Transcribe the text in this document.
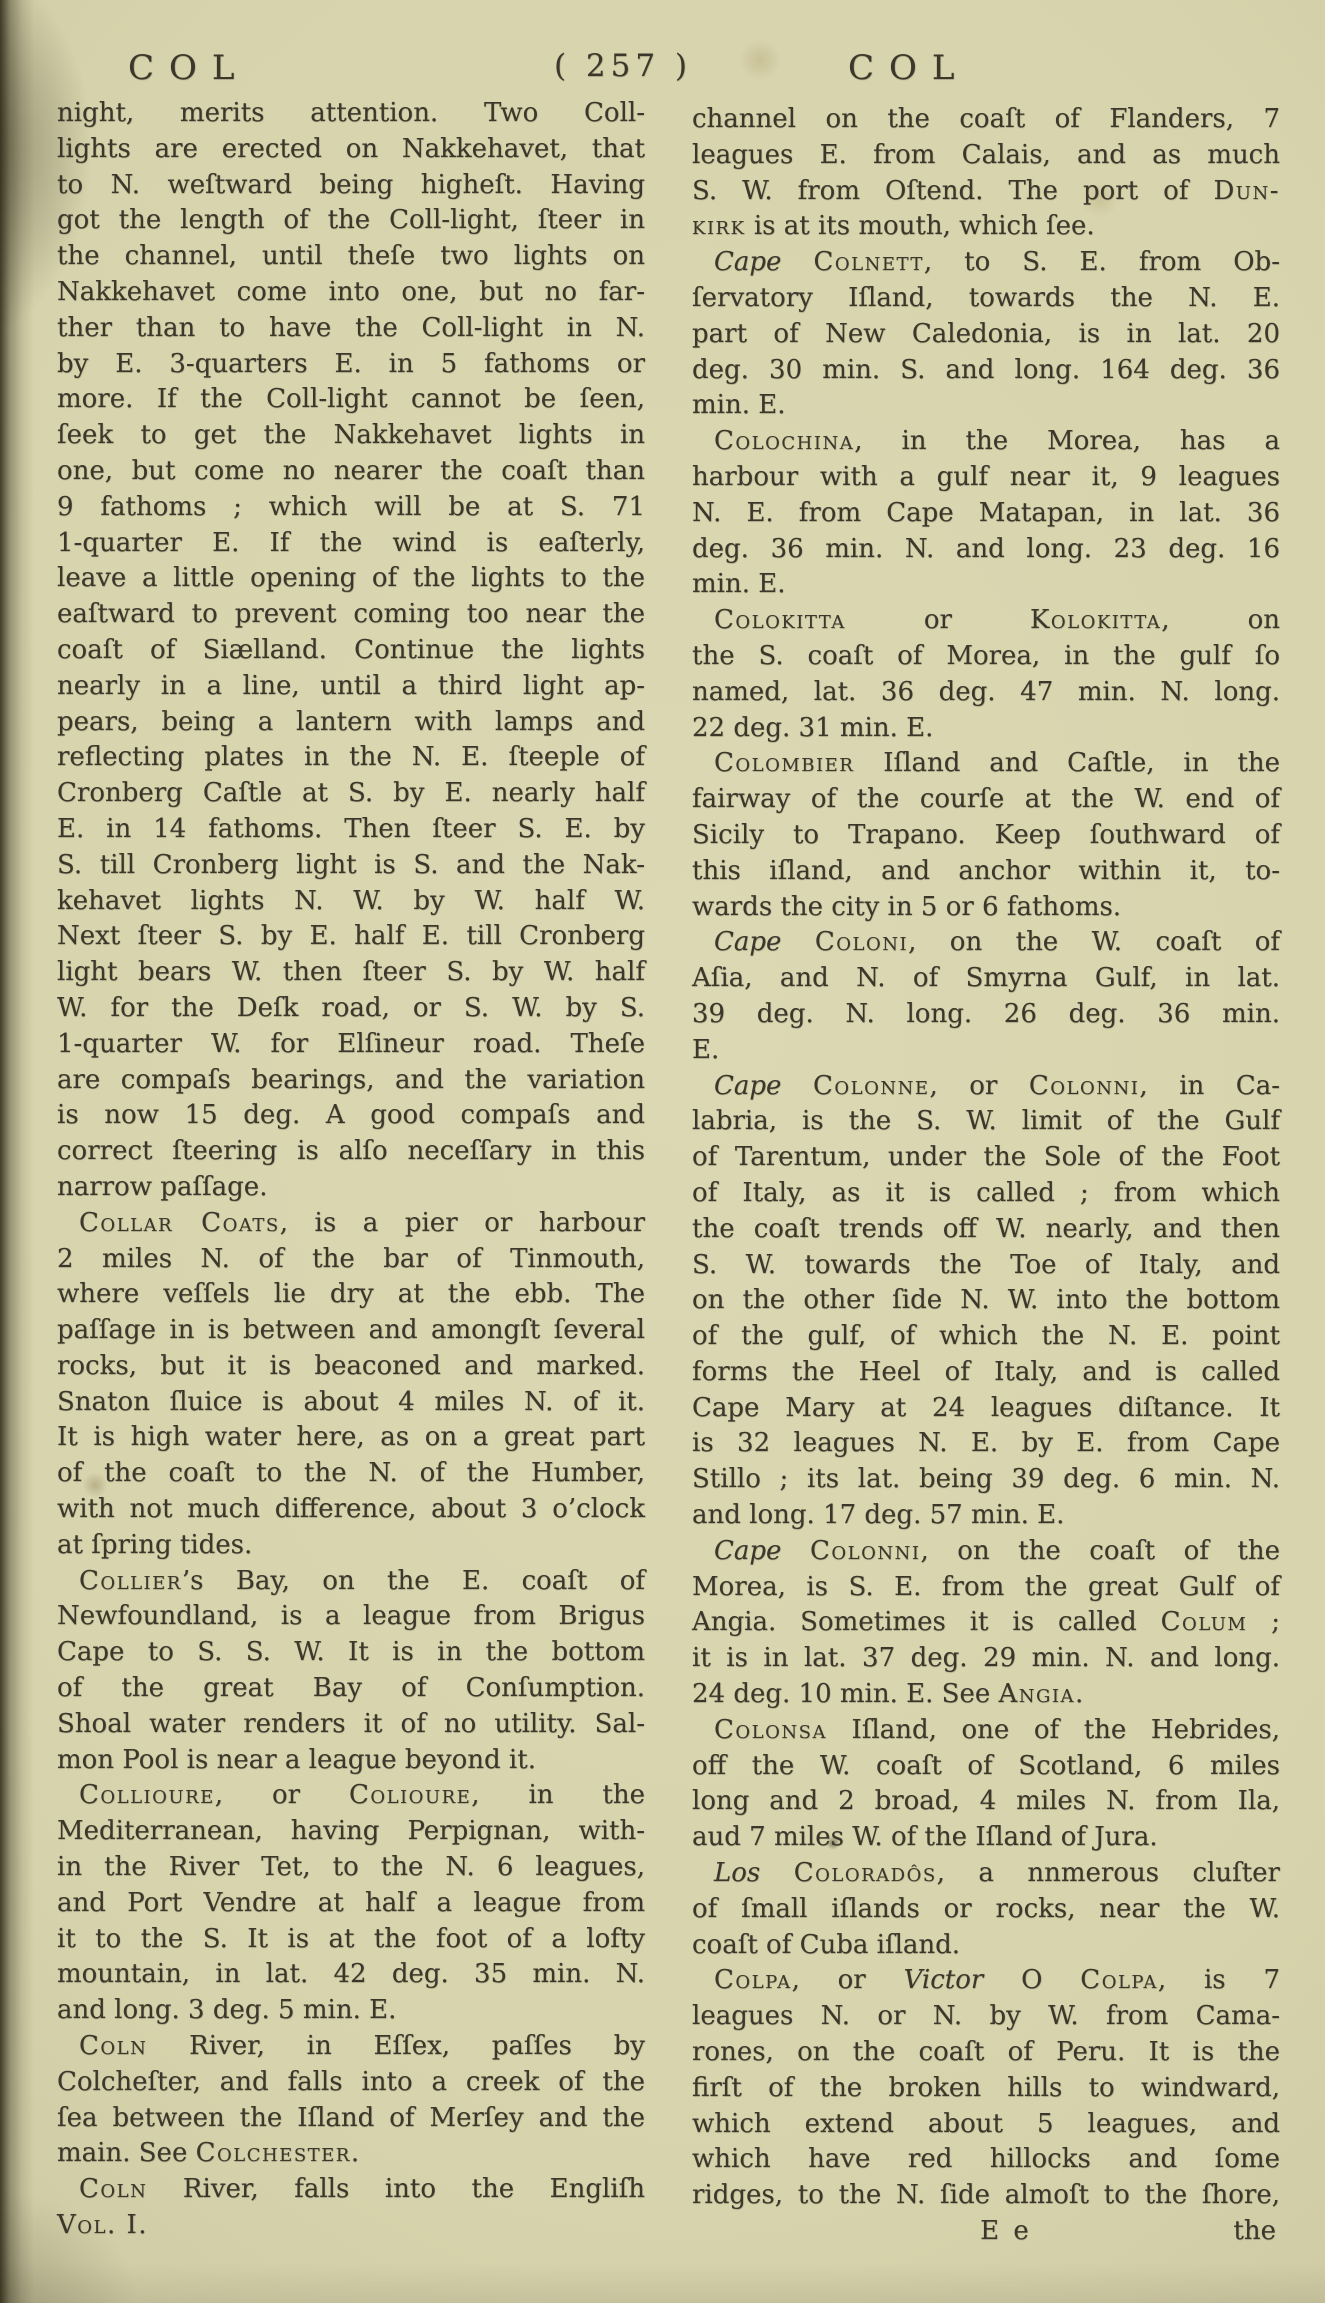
COL	( 257 )	COL
night, merits attention. Two Coll-
lights are erected on Nakkehavet, that
to N. weſtward being higheſt. Having
got the length of the Coll-light, ſteer in
the channel, until theſe two lights on
Nakkehavet come into one, but no far-
ther than to have the Coll-light in N.
by E. 3-quarters E. in 5 fathoms or
more. If the Coll-light cannot be ſeen,
ſeek to get the Nakkehavet lights in
one, but come no nearer the coaſt than
9 fathoms ; which will be at S. 71
1-quarter E. If the wind is eaſterly,
leave a little opening of the lights to the
eaſtward to prevent coming too near the
coaſt of Siælland. Continue the lights
nearly in a line, until a third light ap-
pears, being a lantern with lamps and
reflecting plates in the N. E. ſteeple of
Cronberg Caſtle at S. by E. nearly half
E. in 14 fathoms. Then ſteer S. E. by
S. till Cronberg light is S. and the Nak-
kehavet lights N. W. by W. half W.
Next ſteer S. by E. half E. till Cronberg
light bears W. then ſteer S. by W. half
W. for the Deſk road, or S. W. by S.
1-quarter W. for Elſineur road. Theſe
are compaſs bearings, and the variation
is now 15 deg. A good compaſs and
correct ſteering is alſo neceſſary in this
narrow paſſage.
Collar Coats, is a pier or harbour
2 miles N. of the bar of Tinmouth,
where veſſels lie dry at the ebb. The
paſſage in is between and amongſt ſeveral
rocks, but it is beaconed and marked.
Snaton ſluice is about 4 miles N. of it.
It is high water here, as on a great part
of the coaſt to the N. of the Humber,
with not much difference, about 3 o’clock
at ſpring tides.
Collier’s Bay, on the E. coaſt of
Newfoundland, is a league from Brigus
Cape to S. S. W. It is in the bottom
of the great Bay of Conſumption.
Shoal water renders it of no utility. Sal-
mon Pool is near a league beyond it.
Collioure, or Colioure, in the
Mediterranean, having Perpignan, with-
in the River Tet, to the N. 6 leagues,
and Port Vendre at half a league from
it to the S. It is at the foot of a lofty
mountain, in lat. 42 deg. 35 min. N.
and long. 3 deg. 5 min. E.
Coln River, in Eſſex, paſſes by
Colcheſter, and falls into a creek of the
ſea between the Iſland of Merſey and the
main. See Colchester.
Coln River, falls into the Engliſh
Vol. I.
channel on the coaſt of Flanders, 7
leagues E. from Calais, and as much
S. W. from Oſtend. The port of Dun-
kirk is at its mouth, which ſee.
Cape Colnett, to S. E. from Ob-
ſervatory Iſland, towards the N. E.
part of New Caledonia, is in lat. 20
deg. 30 min. S. and long. 164 deg. 36
min. E.
Colochina, in the Morea, has a
harbour with a gulf near it, 9 leagues
N. E. from Cape Matapan, in lat. 36
deg. 36 min. N. and long. 23 deg. 16
min. E.
Colokitta or Kolokitta, on
the S. coaſt of Morea, in the gulf ſo
named, lat. 36 deg. 47 min. N. long.
22 deg. 31 min. E.
Colombier Iſland and Caſtle, in the
fairway of the courſe at the W. end of
Sicily to Trapano. Keep ſouthward of
this iſland, and anchor within it, to-
wards the city in 5 or 6 fathoms.
Cape Coloni, on the W. coaſt of
Aſia, and N. of Smyrna Gulf, in lat.
39 deg. N. long. 26 deg. 36 min.
E.
Cape Colonne, or Colonni, in Ca-
labria, is the S. W. limit of the Gulf
of Tarentum, under the Sole of the Foot
of Italy, as it is called ; from which
the coaſt trends off W. nearly, and then
S. W. towards the Toe of Italy, and
on the other ſide N. W. into the bottom
of the gulf, of which the N. E. point
forms the Heel of Italy, and is called
Cape Mary at 24 leagues diſtance. It
is 32 leagues N. E. by E. from Cape
Stillo ; its lat. being 39 deg. 6 min. N.
and long. 17 deg. 57 min. E.
Cape Colonni, on the coaſt of the
Morea, is S. E. from the great Gulf of
Angia. Sometimes it is called Colum ;
it is in lat. 37 deg. 29 min. N. and long.
24 deg. 10 min. E. See Angia.
Colonsa Iſland, one of the Hebrides,
off the W. coaſt of Scotland, 6 miles
long and 2 broad, 4 miles N. from Ila,
aud 7 miles W. of the Iſland of Jura.
Los Coloradôs, a nnmerous cluſter
of ſmall iſlands or rocks, near the W.
coaſt of Cuba iſland.
Colpa, or Victor O Colpa, is 7
leagues N. or N. by W. from Cama-
rones, on the coaſt of Peru. It is the
firſt of the broken hills to windward,
which extend about 5 leagues, and
which have red hillocks and ſome
ridges, to the N. ſide almoſt to the ſhore,
E e	the
